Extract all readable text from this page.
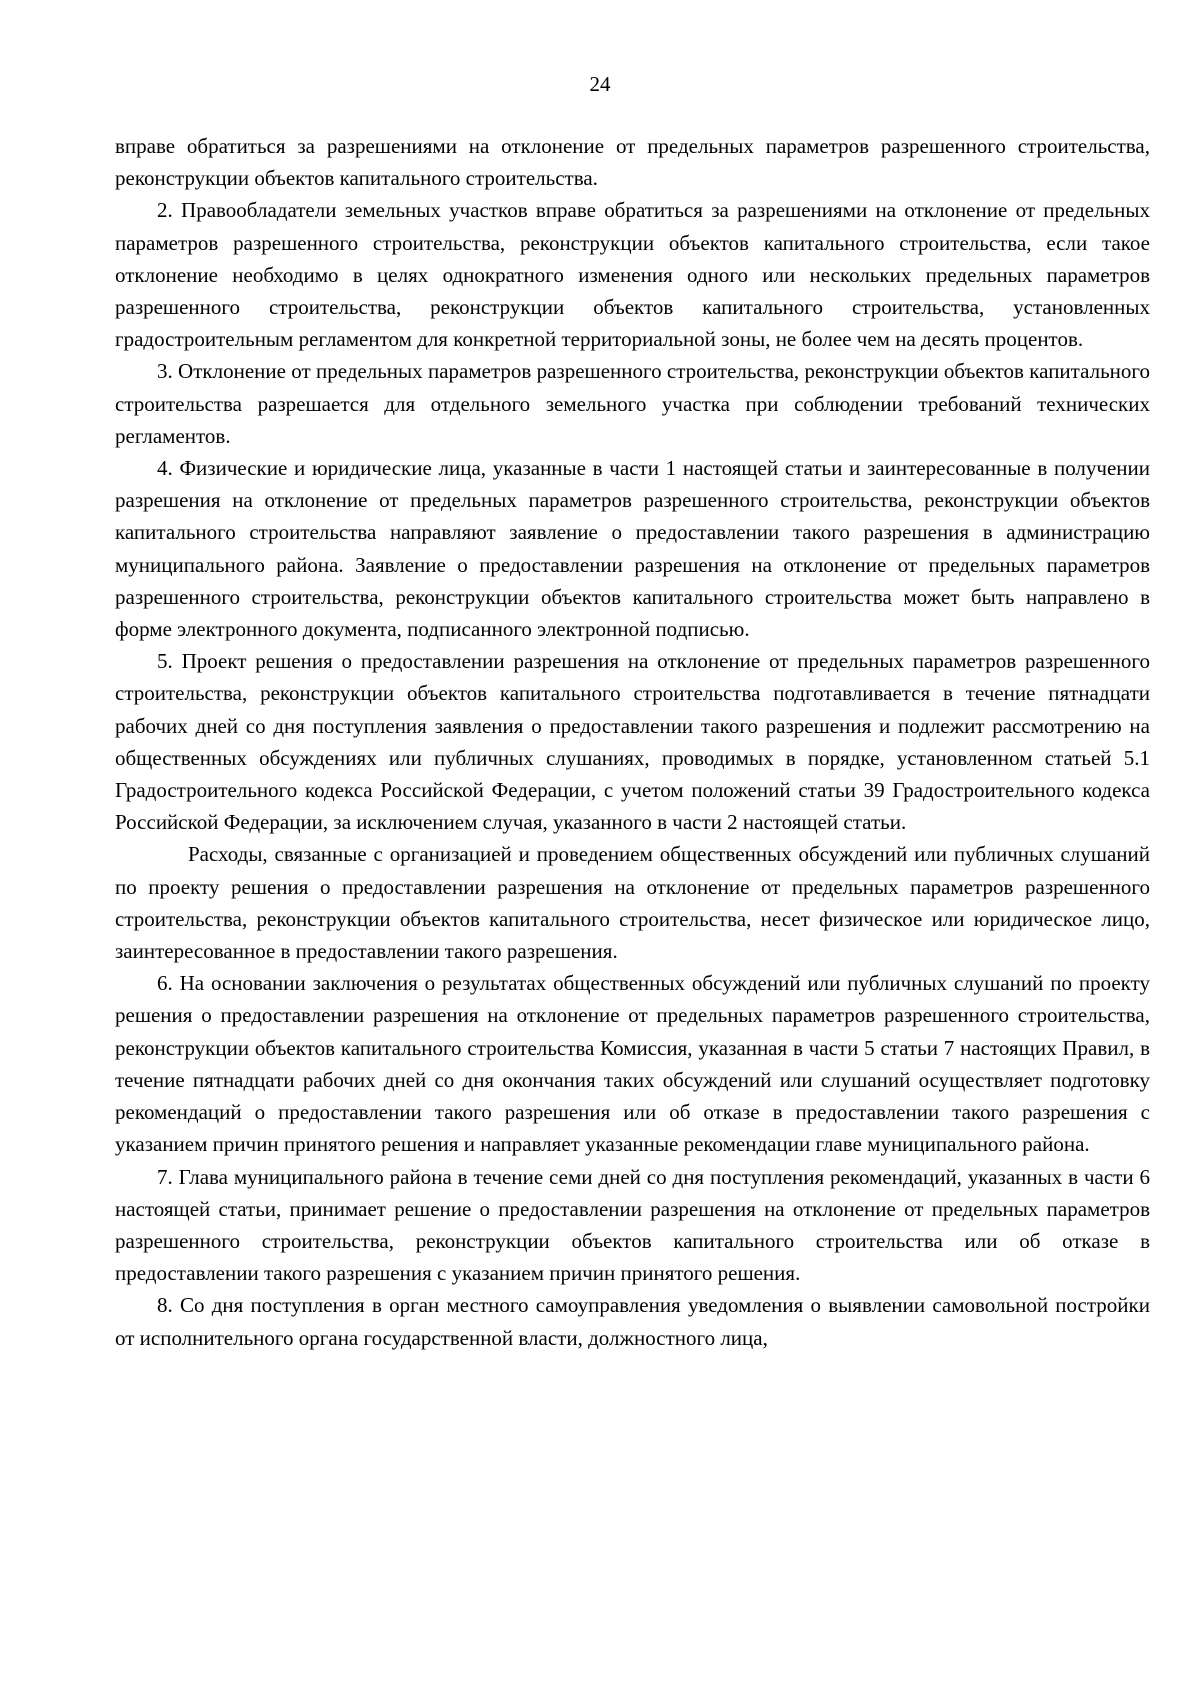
24

вправе обратиться за разрешениями на отклонение от предельных параметров разрешенного строительства, реконструкции объектов капитального строительства.

2. Правообладатели земельных участков вправе обратиться за разрешениями на отклонение от предельных параметров разрешенного строительства, реконструкции объектов капитального строительства, если такое отклонение необходимо в целях однократного изменения одного или нескольких предельных параметров разрешенного строительства, реконструкции объектов капитального строительства, установленных градостроительным регламентом для конкретной территориальной зоны, не более чем на десять процентов.

3. Отклонение от предельных параметров разрешенного строительства, реконструкции объектов капитального строительства разрешается для отдельного земельного участка при соблюдении требований технических регламентов.

4. Физические и юридические лица, указанные в части 1 настоящей статьи и заинтересованные в получении разрешения на отклонение от предельных параметров разрешенного строительства, реконструкции объектов капитального строительства направляют заявление о предоставлении такого разрешения в администрацию муниципального района. Заявление о предоставлении разрешения на отклонение от предельных параметров разрешенного строительства, реконструкции объектов капитального строительства может быть направлено в форме электронного документа, подписанного электронной подписью.

5. Проект решения о предоставлении разрешения на отклонение от предельных параметров разрешенного строительства, реконструкции объектов капитального строительства подготавливается в течение пятнадцати рабочих дней со дня поступления заявления о предоставлении такого разрешения и подлежит рассмотрению на общественных обсуждениях или публичных слушаниях, проводимых в порядке, установленном статьей 5.1 Градостроительного кодекса Российской Федерации, с учетом положений статьи 39 Градостроительного кодекса Российской Федерации, за исключением случая, указанного в части 2 настоящей статьи.

Расходы, связанные с организацией и проведением общественных обсуждений или публичных слушаний по проекту решения о предоставлении разрешения на отклонение от предельных параметров разрешенного строительства, реконструкции объектов капитального строительства, несет физическое или юридическое лицо, заинтересованное в предоставлении такого разрешения.

6. На основании заключения о результатах общественных обсуждений или публичных слушаний по проекту решения о предоставлении разрешения на отклонение от предельных параметров разрешенного строительства, реконструкции объектов капитального строительства Комиссия, указанная в части 5 статьи 7 настоящих Правил, в течение пятнадцати рабочих дней со дня окончания таких обсуждений или слушаний осуществляет подготовку рекомендаций о предоставлении такого разрешения или об отказе в предоставлении такого разрешения с указанием причин принятого решения и направляет указанные рекомендации главе муниципального района.

7. Глава муниципального района в течение семи дней со дня поступления рекомендаций, указанных в части 6 настоящей статьи, принимает решение о предоставлении разрешения на отклонение от предельных параметров разрешенного строительства, реконструкции объектов капитального строительства или об отказе в предоставлении такого разрешения с указанием причин принятого решения.

8. Со дня поступления в орган местного самоуправления уведомления о выявлении самовольной постройки от исполнительного органа государственной власти, должностного лица,
